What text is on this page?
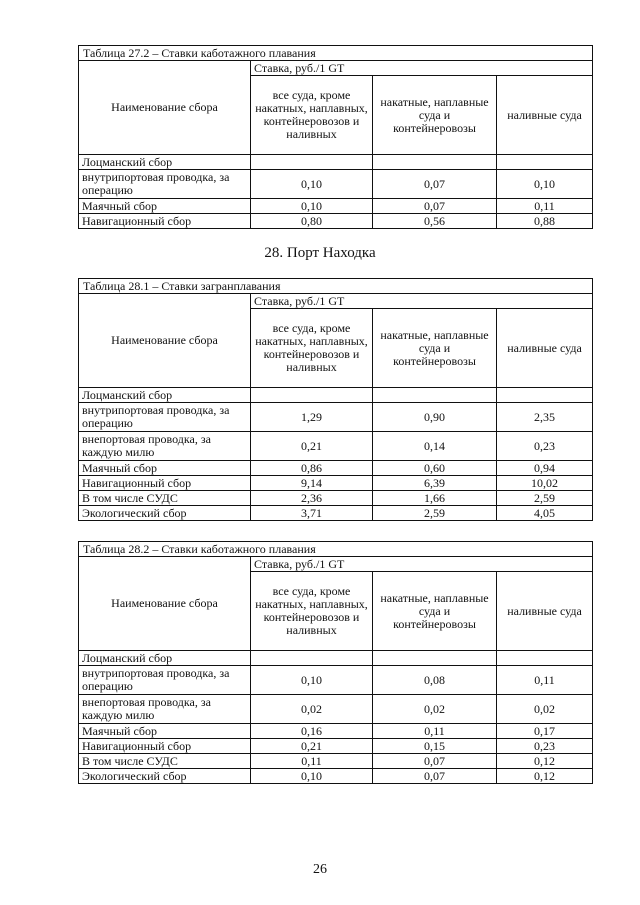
Таблица 27.2 – Ставки каботажного плавания			
Наименование сбора	Ставка, руб./1 GT		
	все суда, кроме накатных, наплавных, контейнеровозов и наливных	накатные, наплавные суда и контейнеровозы	наливные суда
Лоцманский сбор			
внутрипортовая проводка, за операцию	0,10	0,07	0,10
Маячный сбор	0,10	0,07	0,11
Навигационный сбор	0,80	0,56	0,88
28. Порт Находка
Таблица 28.1 – Ставки загранплавания			
Наименование сбора	Ставка, руб./1 GT		
	все суда, кроме накатных, наплавных, контейнеровозов и наливных	накатные, наплавные суда и контейнеровозы	наливные суда
Лоцманский сбор			
внутрипортовая проводка, за операцию	1,29	0,90	2,35
внепортовая проводка, за каждую милю	0,21	0,14	0,23
Маячный сбор	0,86	0,60	0,94
Навигационный сбор	9,14	6,39	10,02
В том числе СУДС	2,36	1,66	2,59
Экологический сбор	3,71	2,59	4,05
Таблица 28.2 – Ставки каботажного плавания			
Наименование сбора	Ставка, руб./1 GT		
	все суда, кроме накатных, наплавных, контейнеровозов и наливных	накатные, наплавные суда и контейнеровозы	наливные суда
Лоцманский сбор			
внутрипортовая проводка, за операцию	0,10	0,08	0,11
внепортовая проводка, за каждую милю	0,02	0,02	0,02
Маячный сбор	0,16	0,11	0,17
Навигационный сбор	0,21	0,15	0,23
В том числе СУДС	0,11	0,07	0,12
Экологический сбор	0,10	0,07	0,12
26
